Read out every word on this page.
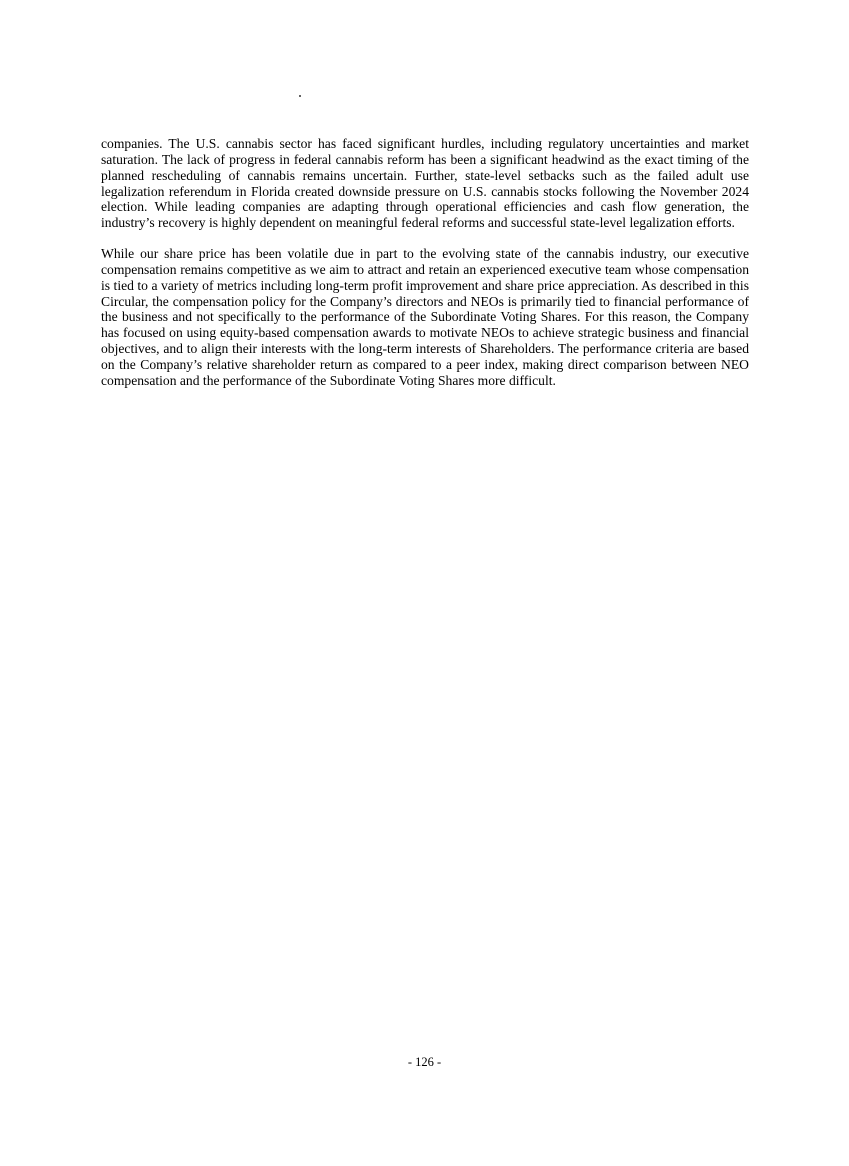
companies. The U.S. cannabis sector has faced significant hurdles, including regulatory uncertainties and market saturation. The lack of progress in federal cannabis reform has been a significant headwind as the exact timing of the planned rescheduling of cannabis remains uncertain. Further, state-level setbacks such as the failed adult use legalization referendum in Florida created downside pressure on U.S. cannabis stocks following the November 2024 election. While leading companies are adapting through operational efficiencies and cash flow generation, the industry’s recovery is highly dependent on meaningful federal reforms and successful state-level legalization efforts.

While our share price has been volatile due in part to the evolving state of the cannabis industry, our executive compensation remains competitive as we aim to attract and retain an experienced executive team whose compensation is tied to a variety of metrics including long-term profit improvement and share price appreciation. As described in this Circular, the compensation policy for the Company’s directors and NEOs is primarily tied to financial performance of the business and not specifically to the performance of the Subordinate Voting Shares. For this reason, the Company has focused on using equity-based compensation awards to motivate NEOs to achieve strategic business and financial objectives, and to align their interests with the long-term interests of Shareholders. The performance criteria are based on the Company’s relative shareholder return as compared to a peer index, making direct comparison between NEO compensation and the performance of the Subordinate Voting Shares more difficult.

- 126 -
